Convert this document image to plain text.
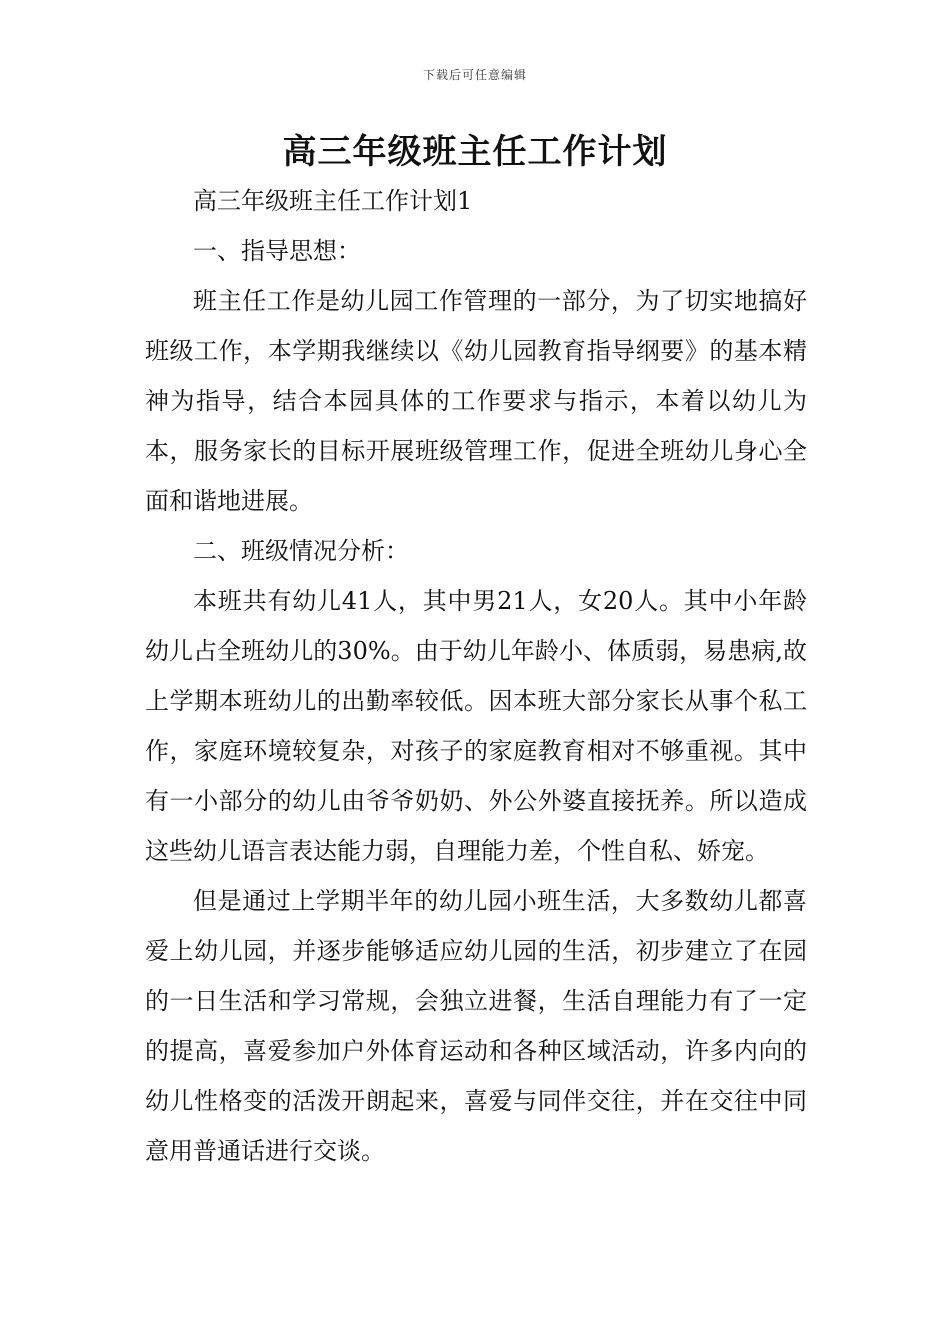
下载后可任意编辑
高三年级班主任工作计划

高三年级班主任工作计划1

一、指导思想：

班主任工作是幼儿园工作管理的一部分，为了切实地搞好班级工作，本学期我继续以《幼儿园教育指导纲要》的基本精神为指导，结合本园具体的工作要求与指示，本着以幼儿为本，服务家长的目标开展班级管理工作，促进全班幼儿身心全面和谐地进展。

二、班级情况分析：

本班共有幼儿41人，其中男21人，女20人。其中小年龄幼儿占全班幼儿的30%。由于幼儿年龄小、体质弱，易患病,故上学期本班幼儿的出勤率较低。因本班大部分家长从事个私工作，家庭环境较复杂，对孩子的家庭教育相对不够重视。其中有一小部分的幼儿由爷爷奶奶、外公外婆直接抚养。所以造成这些幼儿语言表达能力弱，自理能力差，个性自私、娇宠。

但是通过上学期半年的幼儿园小班生活，大多数幼儿都喜爱上幼儿园，并逐步能够适应幼儿园的生活，初步建立了在园的一日生活和学习常规，会独立进餐，生活自理能力有了一定的提高，喜爱参加户外体育运动和各种区域活动，许多内向的幼儿性格变的活泼开朗起来，喜爱与同伴交往，并在交往中同意用普通话进行交谈。
